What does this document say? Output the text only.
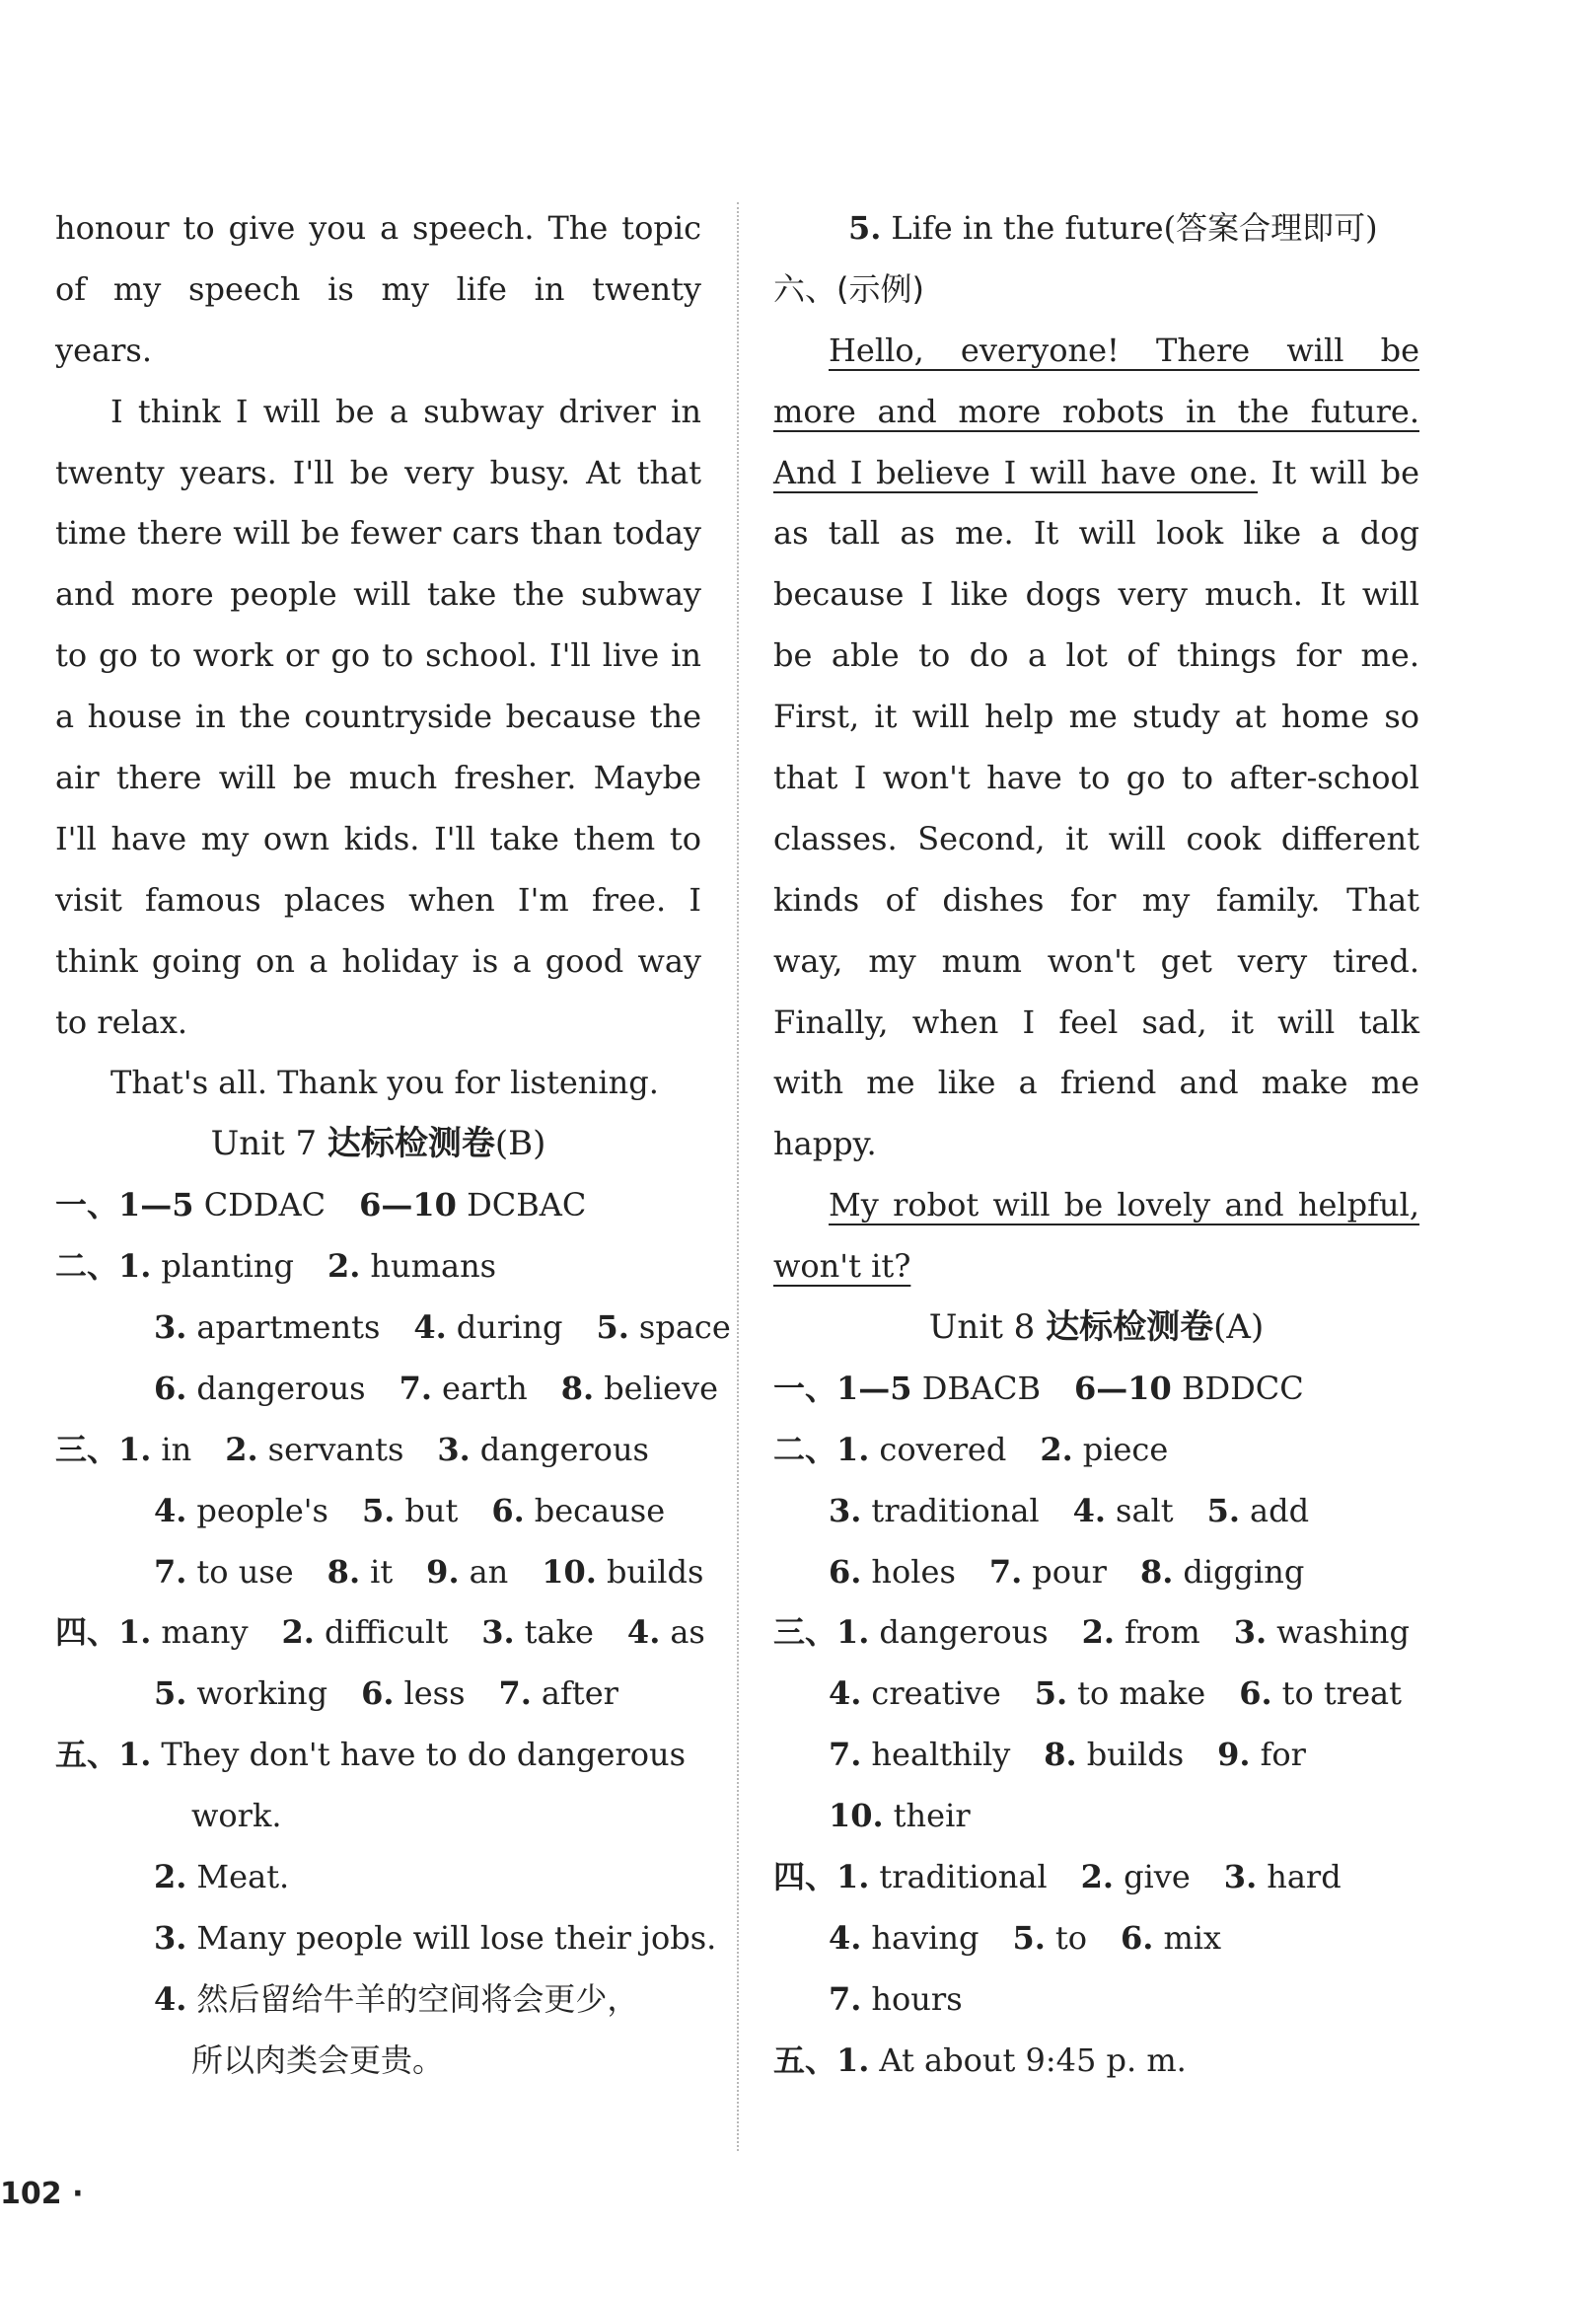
honour to give you a speech. The topic
of my speech is my life in twenty
years.
I think I will be a subway driver in
twenty years. I'll be very busy. At that
time there will be fewer cars than today
and more people will take the subway
to go to work or go to school. I'll live in
a house in the countryside because the
air there will be much fresher. Maybe
I'll have my own kids. I'll take them to
visit famous places when I'm free. I
think going on a holiday is a good way
to relax.
That's all. Thank you for listening.
Unit 7 达标检测卷(B)
一、1—5 CDDAC 6—10 DCBAC
二、1. planting 2. humans
3. apartments 4. during 5. space
6. dangerous 7. earth 8. believe
三、1. in 2. servants 3. dangerous
4. people's 5. but 6. because
7. to use 8. it 9. an 10. builds
四、1. many 2. difficult 3. take 4. as
5. working 6. less 7. after
五、1. They don't have to do dangerous
work.
2. Meat.
3. Many people will lose their jobs.
4. 然后留给牛羊的空间将会更少，
所以肉类会更贵。
5. Life in the future(答案合理即可)
六、(示例)
Hello, everyone! There will be
more and more robots in the future.
And I believe I will have one. It will be
as tall as me. It will look like a dog
because I like dogs very much. It will
be able to do a lot of things for me.
First, it will help me study at home so
that I won't have to go to after-school
classes. Second, it will cook different
kinds of dishes for my family. That
way, my mum won't get very tired.
Finally, when I feel sad, it will talk
with me like a friend and make me
happy.
My robot will be lovely and helpful,
won't it?
Unit 8 达标检测卷(A)
一、1—5 DBACB 6—10 BDDCC
二、1. covered 2. piece
3. traditional 4. salt 5. add
6. holes 7. pour 8. digging
三、1. dangerous 2. from 3. washing
4. creative 5. to make 6. to treat
7. healthily 8. builds 9. for
10. their
四、1. traditional 2. give 3. hard
4. having 5. to 6. mix
7. hours
五、1. At about 9:45 p. m.
102 ·
